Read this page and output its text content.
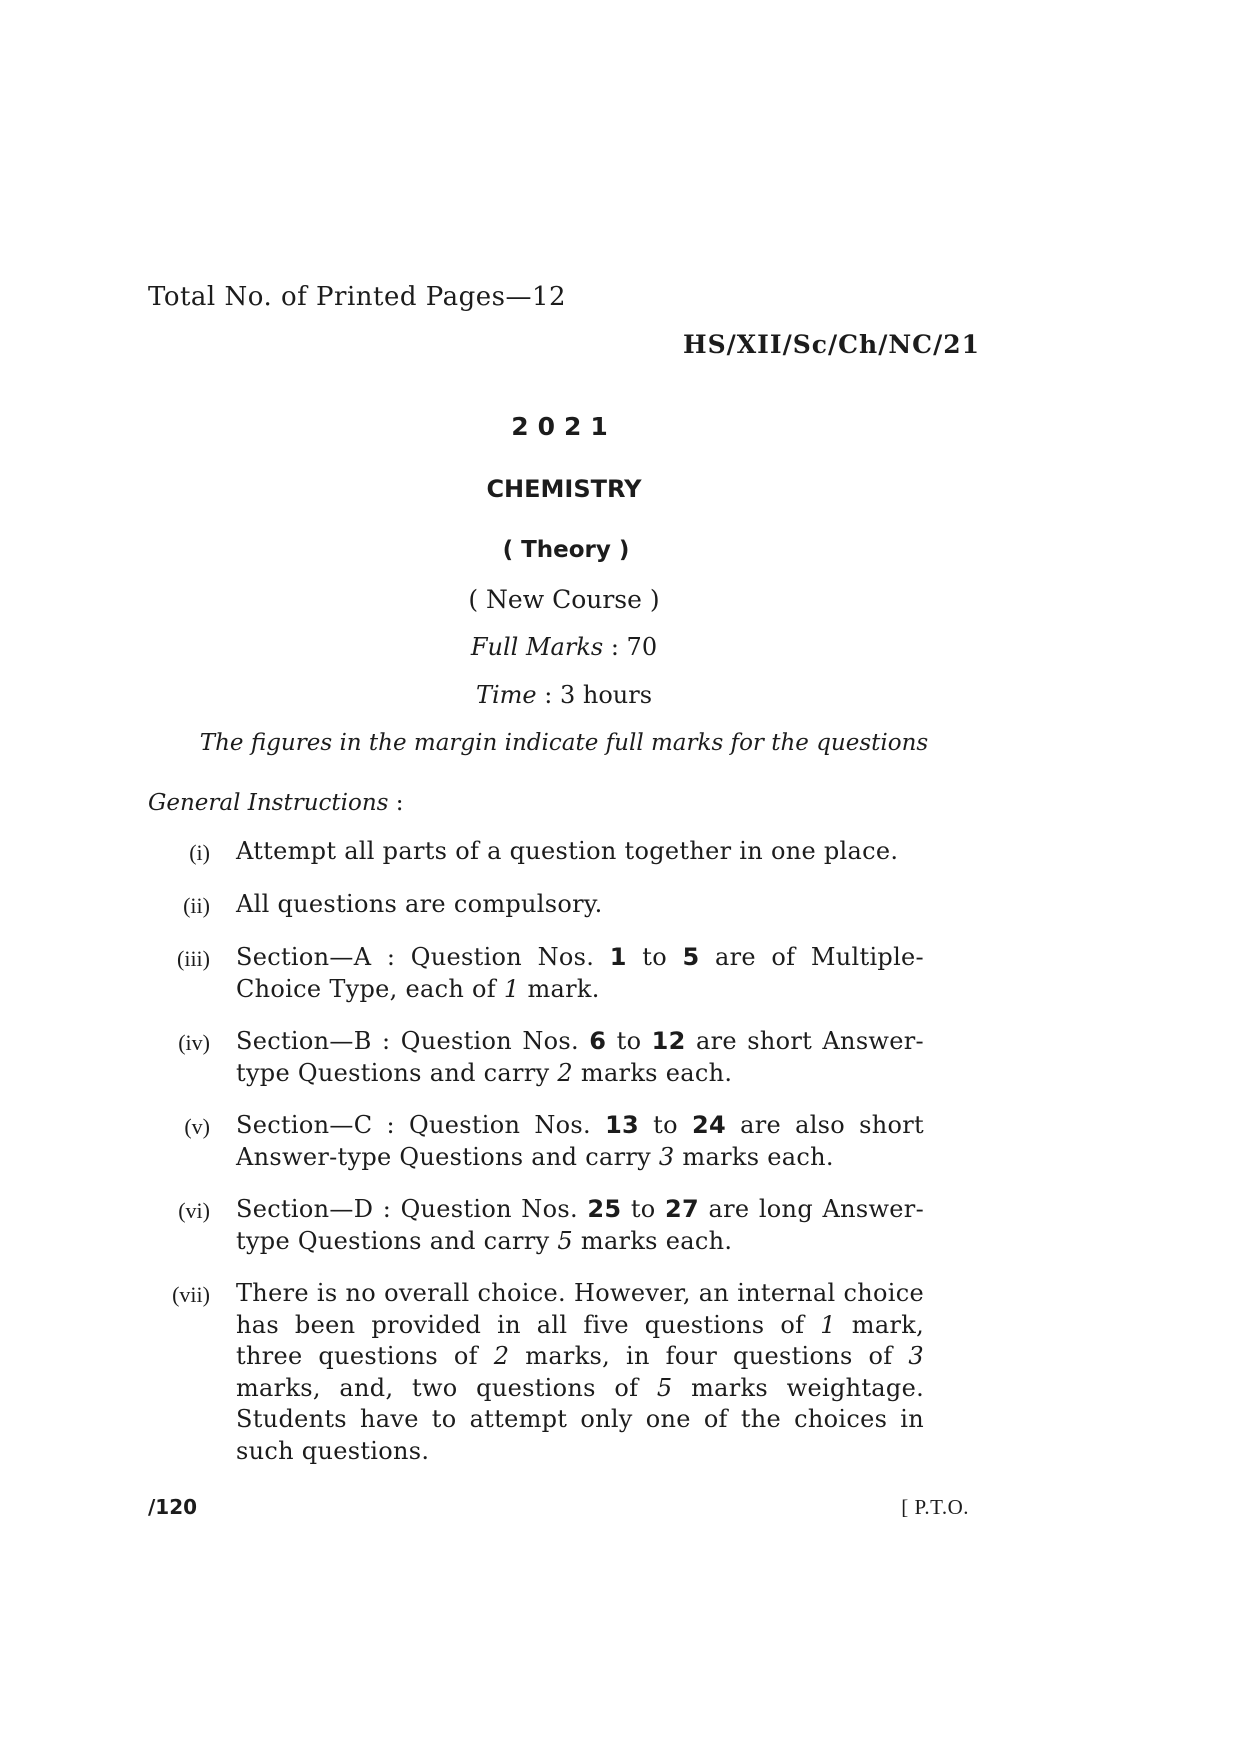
Total No. of Printed Pages—12
HS/XII/Sc/Ch/NC/21
2021
CHEMISTRY
( Theory )
( New Course )
Full Marks : 70
Time : 3 hours
The figures in the margin indicate full marks for the questions
General Instructions :
(i) Attempt all parts of a question together in one place.
(ii) All questions are compulsory.
(iii) Section—A : Question Nos. 1 to 5 are of Multiple-Choice Type, each of 1 mark.
(iv) Section—B : Question Nos. 6 to 12 are short Answer-type Questions and carry 2 marks each.
(v) Section—C : Question Nos. 13 to 24 are also short Answer-type Questions and carry 3 marks each.
(vi) Section—D : Question Nos. 25 to 27 are long Answer-type Questions and carry 5 marks each.
(vii) There is no overall choice. However, an internal choice has been provided in all five questions of 1 mark, three questions of 2 marks, in four questions of 3 marks, and, two questions of 5 marks weightage. Students have to attempt only one of the choices in such questions.
/120	[ P.T.O.
